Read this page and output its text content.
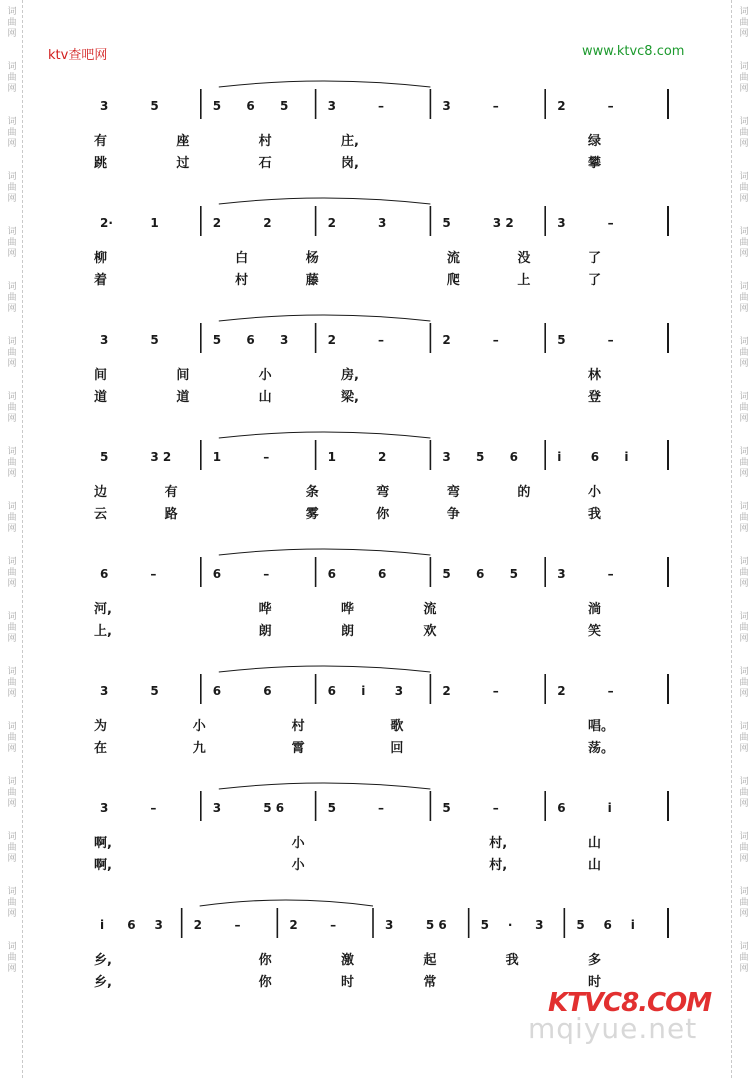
词曲网
词曲网
词曲网
词曲网
词曲网
词曲网
词曲网
词曲网
词曲网
词曲网
词曲网
词曲网
词曲网
词曲网
词曲网
词曲网
词曲网
词曲网
词曲网
词曲网
词曲网
词曲网
词曲网
词曲网
词曲网
词曲网
词曲网
词曲网
词曲网
词曲网
词曲网
词曲网
词曲网
词曲网
词曲网
词曲网
ktv查吧网	www.ktvc8.com
3	5	5 6 5	3	–	3	–	2	–
有	座	村	庄,	绿
跳	过	石	岗,	攀
2·	1	2	2	2	3	5	3 2	3	–
柳	白	杨	流	没	了
着	村	藤	爬	上	了
3	5	5 6 3	2	–	2	–	5	–
间	间	小	房,	林
道	道	山	梁,	登
5	3 2	1	–	1	2	3 5 6	i 6 i
边	有	条	弯	弯	的	小
云	路	雾	你	争	我
6	–	6	–	6	6	5 6 5	3	–
河,	哗	哗	流	淌
上,	朗	朗	欢	笑
3	5	6	6	6 i 3	2	–	2	–
为	小	村	歌	唱。
在	九	霄	回	荡。
3	–	3	5 6	5	–	5	–	6	i
啊,	小	村,	山
啊,	小	村,	山
i 6 3	2	–	2	–	3	5 6	5 · 3	5 6 i
乡,	你	激	起	我	多
乡,	你	时	常	时
mqiyue.net
KTVC8.COM
